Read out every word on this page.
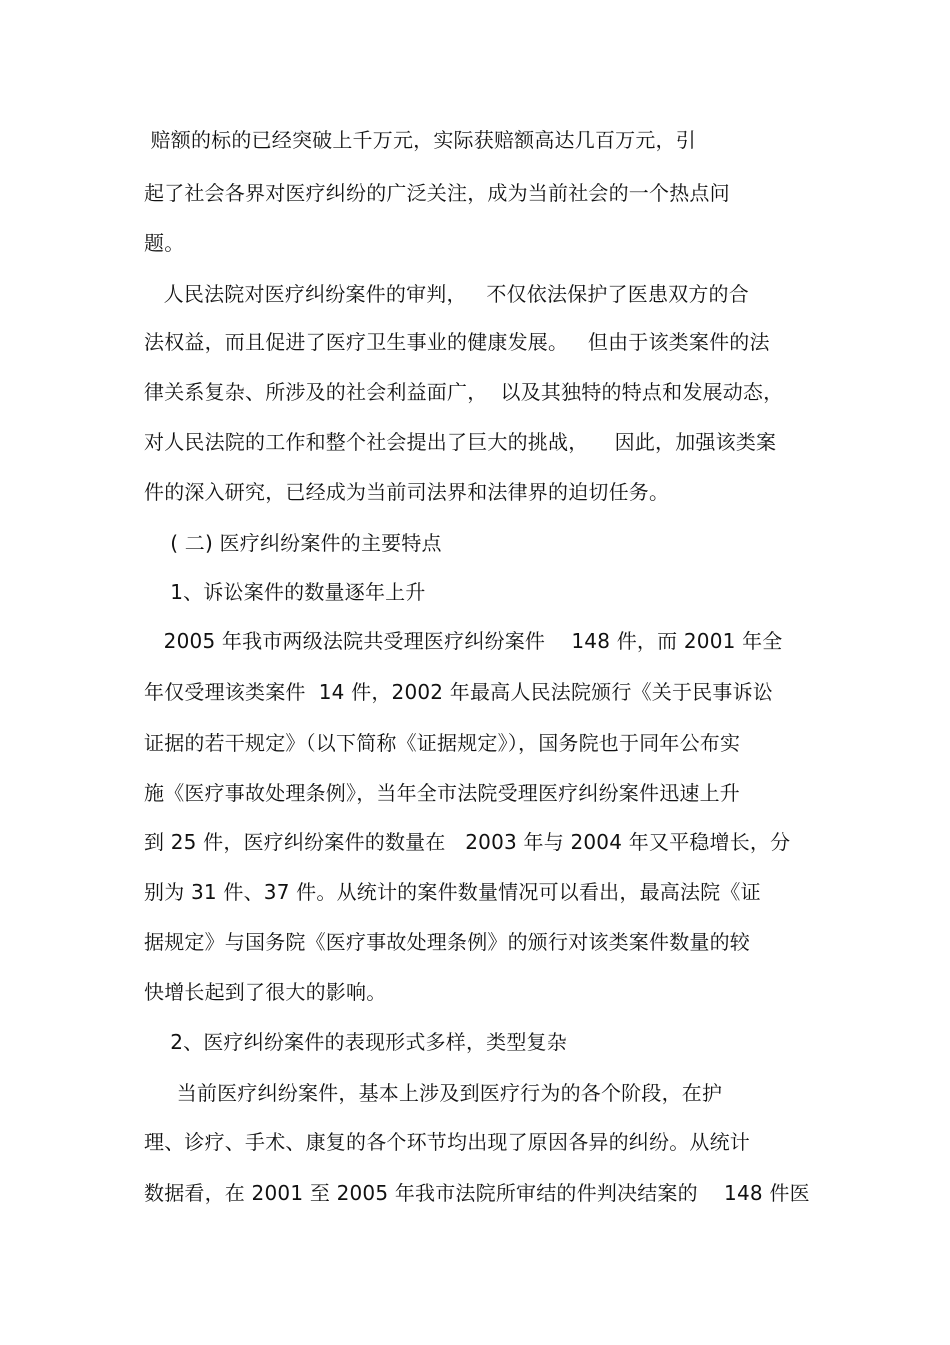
赔额的标的已经突破上千万元，实际获赔额高达几百万元，引
起了社会各界对医疗纠纷的广泛关注，成为当前社会的一个热点问
题。
人民法院对医疗纠纷案件的审判，   不仅依法保护了医患双方的合
法权益，而且促进了医疗卫生事业的健康发展。   但由于该类案件的法
律关系复杂、所涉及的社会利益面广，  以及其独特的特点和发展动态，
对人民法院的工作和整个社会提出了巨大的挑战，    因此，加强该类案
件的深入研究，已经成为当前司法界和法律界的迫切任务。
( 二) 医疗纠纷案件的主要特点
1、诉讼案件的数量逐年上升
2005 年我市两级法院共受理医疗纠纷案件    148 件，而 2001 年全
年仅受理该类案件  14 件，2002 年最高人民法院颁行《关于民事诉讼
证据的若干规定》（以下简称《证据规定》），国务院也于同年公布实
施《医疗事故处理条例》，当年全市法院受理医疗纠纷案件迅速上升
到 25 件，医疗纠纷案件的数量在   2003 年与 2004 年又平稳增长，分
别为 31 件、37 件。从统计的案件数量情况可以看出，最高法院《证
据规定》与国务院《医疗事故处理条例》的颁行对该类案件数量的较
快增长起到了很大的影响。
2、医疗纠纷案件的表现形式多样，类型复杂
当前医疗纠纷案件，基本上涉及到医疗行为的各个阶段，在护
理、诊疗、手术、康复的各个环节均出现了原因各异的纠纷。从统计
数据看，在 2001 至 2005 年我市法院所审结的件判决结案的    148 件医
